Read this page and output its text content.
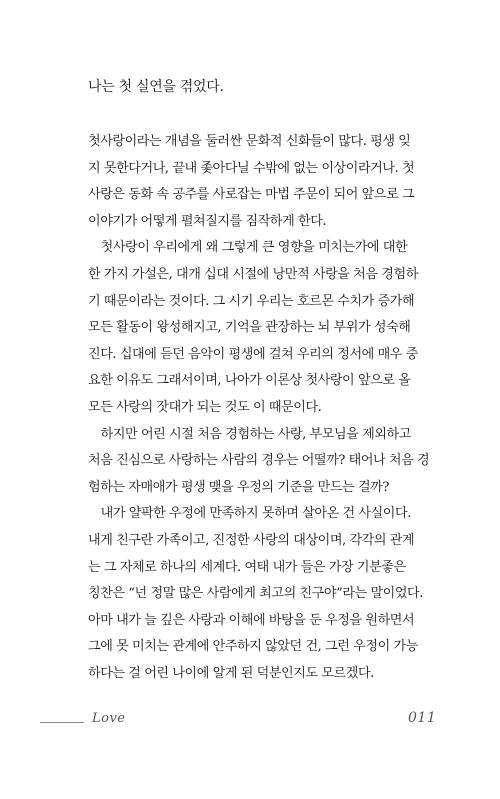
나는 첫 실연을 겪었다.

첫사랑이라는 개념을 둘러싼 문화적 신화들이 많다. 평생 잊

지 못한다거나, 끝내 좇아다닐 수밖에 없는 이상이라거나. 첫

사랑은 동화 속 공주를 사로잡는 마법 주문이 되어 앞으로 그

이야기가 어떻게 펼쳐질지를 짐작하게 한다.

　첫사랑이 우리에게 왜 그렇게 큰 영향을 미치는가에 대한

한 가지 가설은, 대개 십대 시절에 낭만적 사랑을 처음 경험하

기 때문이라는 것이다. 그 시기 우리는 호르몬 수치가 증가해

모든 활동이 왕성해지고, 기억을 관장하는 뇌 부위가 성숙해

진다. 십대에 듣던 음악이 평생에 걸쳐 우리의 정서에 매우 중

요한 이유도 그래서이며, 나아가 이론상 첫사랑이 앞으로 올

모든 사랑의 잣대가 되는 것도 이 때문이다.

　하지만 어린 시절 처음 경험하는 사랑, 부모님을 제외하고

처음 진심으로 사랑하는 사람의 경우는 어떨까? 태어나 처음 경

험하는 자매애가 평생 맺을 우정의 기준을 만드는 걸까?

　내가 얄팍한 우정에 만족하지 못하며 살아온 건 사실이다.

내게 친구란 가족이고, 진정한 사랑의 대상이며, 각각의 관계

는 그 자체로 하나의 세계다. 여태 내가 들은 가장 기분좋은

칭찬은 “넌 정말 많은 사람에게 최고의 친구야”라는 말이었다.

아마 내가 늘 깊은 사랑과 이해에 바탕을 둔 우정을 원하면서

그에 못 미치는 관계에 안주하지 않았던 건, 그런 우정이 가능

하다는 걸 어린 나이에 알게 된 덕분인지도 모르겠다.

Love	011
